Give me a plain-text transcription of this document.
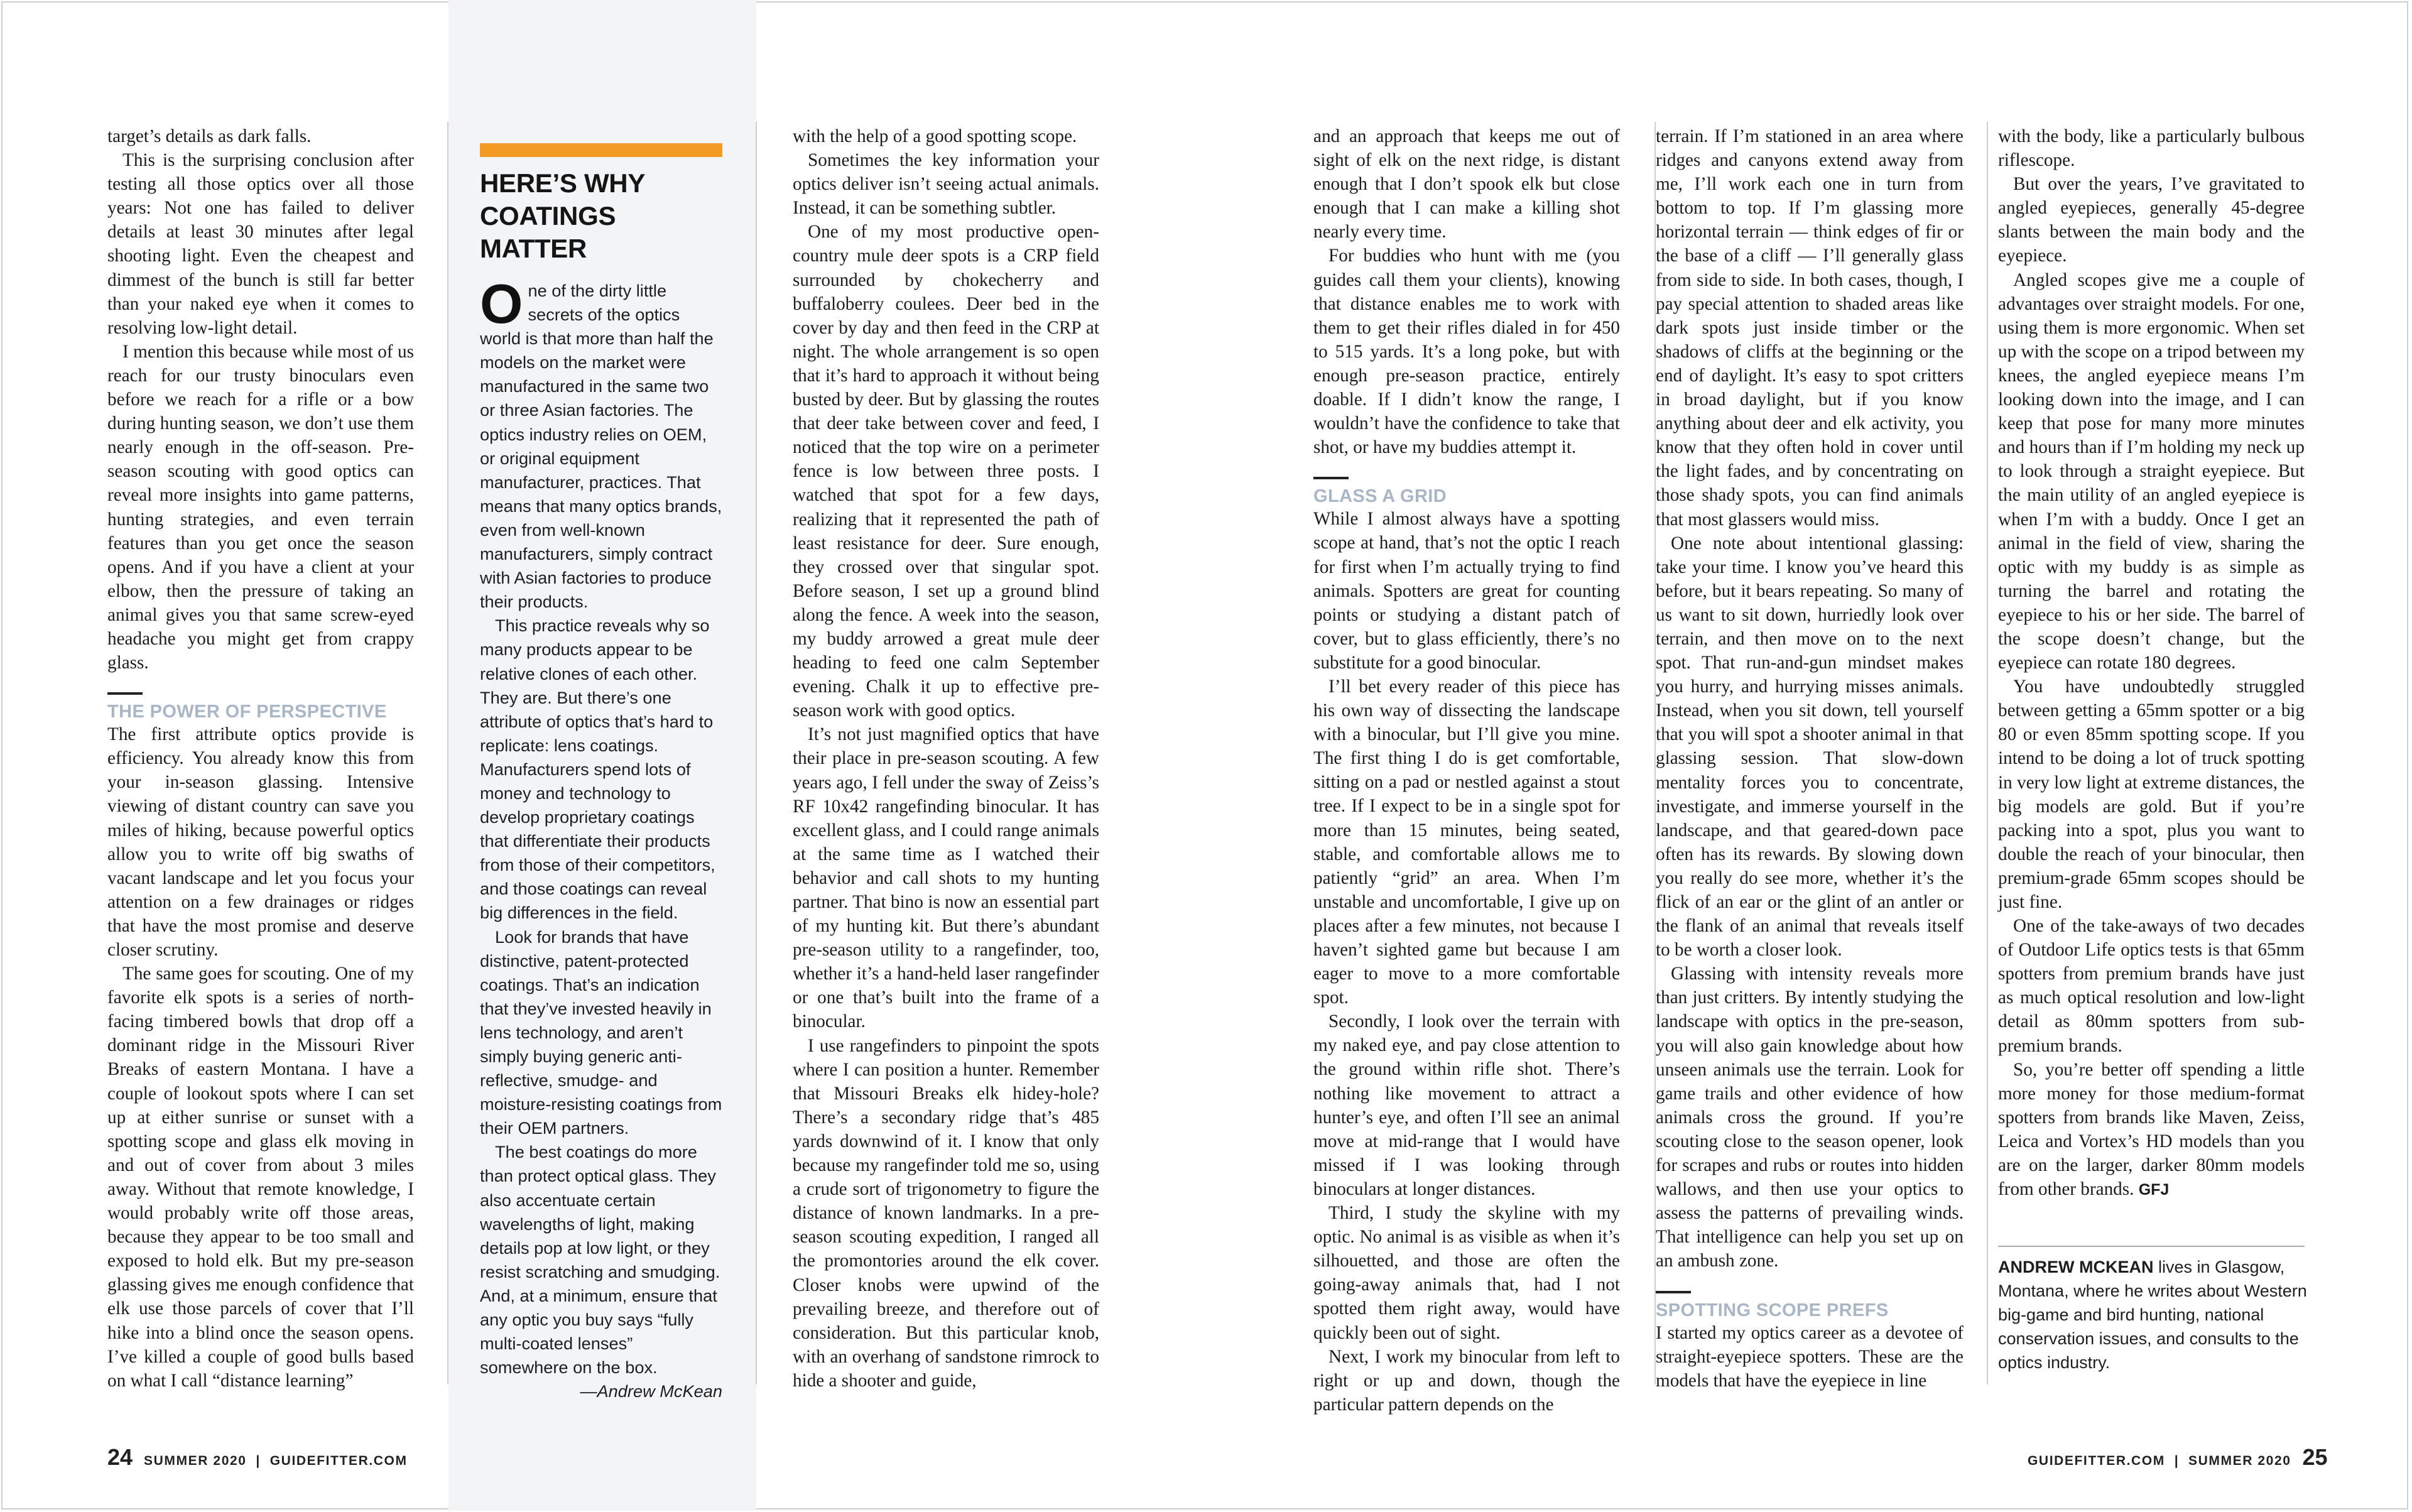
target’s details as dark falls.

This is the surprising conclusion after testing all those optics over all those years: Not one has failed to deliver details at least 30 minutes after legal shooting light. Even the cheapest and dimmest of the bunch is still far better than your naked eye when it comes to resolving low-light detail.

I mention this because while most of us reach for our trusty binoculars even before we reach for a rifle or a bow during hunting season, we don’t use them nearly enough in the off-season. Pre-season scouting with good optics can reveal more insights into game patterns, hunting strategies, and even terrain features than you get once the season opens. And if you have a client at your elbow, then the pressure of taking an animal gives you that same screw-eyed headache you might get from crappy glass.

THE POWER OF PERSPECTIVE

The first attribute optics provide is efficiency. You already know this from your in-season glassing. Intensive viewing of distant country can save you miles of hiking, because powerful optics allow you to write off big swaths of vacant landscape and let you focus your attention on a few drainages or ridges that have the most promise and deserve closer scrutiny.

The same goes for scouting. One of my favorite elk spots is a series of north-facing timbered bowls that drop off a dominant ridge in the Missouri River Breaks of eastern Montana. I have a couple of lookout spots where I can set up at either sunrise or sunset with a spotting scope and glass elk moving in and out of cover from about 3 miles away. Without that remote knowledge, I would probably write off those areas, because they appear to be too small and exposed to hold elk. But my pre-season glassing gives me enough confidence that elk use those parcels of cover that I’ll hike into a blind once the season opens. I’ve killed a couple of good bulls based on what I call “distance learning”

HERE’S WHY COATINGS MATTER

One of the dirty little secrets of the optics world is that more than half the models on the market were manufactured in the same two or three Asian factories. The optics industry relies on OEM, or original equipment manufacturer, practices. That means that many optics brands, even from well-known manufacturers, simply contract with Asian factories to produce their products.

This practice reveals why so many products appear to be relative clones of each other. They are. But there’s one attribute of optics that’s hard to replicate: lens coatings. Manufacturers spend lots of money and technology to develop proprietary coatings that differentiate their products from those of their competitors, and those coatings can reveal big differences in the field.

Look for brands that have distinctive, patent-protected coatings. That’s an indication that they’ve invested heavily in lens technology, and aren’t simply buying generic anti-reflective, smudge- and moisture-resisting coatings from their OEM partners.

The best coatings do more than protect optical glass. They also accentuate certain wavelengths of light, making details pop at low light, or they resist scratching and smudging. And, at a minimum, ensure that any optic you buy says “fully multi-coated lenses” somewhere on the box.

—Andrew McKean

with the help of a good spotting scope.

Sometimes the key information your optics deliver isn’t seeing actual animals. Instead, it can be something subtler.

One of my most productive open-country mule deer spots is a CRP field surrounded by chokecherry and buffaloberry coulees. Deer bed in the cover by day and then feed in the CRP at night. The whole arrangement is so open that it’s hard to approach it without being busted by deer. But by glassing the routes that deer take between cover and feed, I noticed that the top wire on a perimeter fence is low between three posts. I watched that spot for a few days, realizing that it represented the path of least resistance for deer. Sure enough, they crossed over that singular spot. Before season, I set up a ground blind along the fence. A week into the season, my buddy arrowed a great mule deer heading to feed one calm September evening. Chalk it up to effective pre-season work with good optics.

It’s not just magnified optics that have their place in pre-season scouting. A few years ago, I fell under the sway of Zeiss’s RF 10x42 rangefinding binocular. It has excellent glass, and I could range animals at the same time as I watched their behavior and call shots to my hunting partner. That bino is now an essential part of my hunting kit. But there’s abundant pre-season utility to a rangefinder, too, whether it’s a hand-held laser rangefinder or one that’s built into the frame of a binocular.

I use rangefinders to pinpoint the spots where I can position a hunter. Remember that Missouri Breaks elk hidey-hole? There’s a secondary ridge that’s 485 yards downwind of it. I know that only because my rangefinder told me so, using a crude sort of trigonometry to figure the distance of known landmarks. In a pre-season scouting expedition, I ranged all the promontories around the elk cover. Closer knobs were upwind of the prevailing breeze, and therefore out of consideration. But this particular knob, with an overhang of sandstone rimrock to hide a shooter and guide,

and an approach that keeps me out of sight of elk on the next ridge, is distant enough that I don’t spook elk but close enough that I can make a killing shot nearly every time.

For buddies who hunt with me (you guides call them your clients), knowing that distance enables me to work with them to get their rifles dialed in for 450 to 515 yards. It’s a long poke, but with enough pre-season practice, entirely doable. If I didn’t know the range, I wouldn’t have the confidence to take that shot, or have my buddies attempt it.

GLASS A GRID

While I almost always have a spotting scope at hand, that’s not the optic I reach for first when I’m actually trying to find animals. Spotters are great for counting points or studying a distant patch of cover, but to glass efficiently, there’s no substitute for a good binocular.

I’ll bet every reader of this piece has his own way of dissecting the landscape with a binocular, but I’ll give you mine. The first thing I do is get comfortable, sitting on a pad or nestled against a stout tree. If I expect to be in a single spot for more than 15 minutes, being seated, stable, and comfortable allows me to patiently “grid” an area. When I’m unstable and uncomfortable, I give up on places after a few minutes, not because I haven’t sighted game but because I am eager to move to a more comfortable spot.

Secondly, I look over the terrain with my naked eye, and pay close attention to the ground within rifle shot. There’s nothing like movement to attract a hunter’s eye, and often I’ll see an animal move at mid-range that I would have missed if I was looking through binoculars at longer distances.

Third, I study the skyline with my optic. No animal is as visible as when it’s silhouetted, and those are often the going-away animals that, had I not spotted them right away, would have quickly been out of sight.

Next, I work my binocular from left to right or up and down, though the particular pattern depends on the

terrain. If I’m stationed in an area where ridges and canyons extend away from me, I’ll work each one in turn from bottom to top. If I’m glassing more horizontal terrain — think edges of fir or the base of a cliff — I’ll generally glass from side to side. In both cases, though, I pay special attention to shaded areas like dark spots just inside timber or the shadows of cliffs at the beginning or the end of daylight. It’s easy to spot critters in broad daylight, but if you know anything about deer and elk activity, you know that they often hold in cover until the light fades, and by concentrating on those shady spots, you can find animals that most glassers would miss.

One note about intentional glassing: take your time. I know you’ve heard this before, but it bears repeating. So many of us want to sit down, hurriedly look over terrain, and then move on to the next spot. That run-and-gun mindset makes you hurry, and hurrying misses animals. Instead, when you sit down, tell yourself that you will spot a shooter animal in that glassing session. That slow-down mentality forces you to concentrate, investigate, and immerse yourself in the landscape, and that geared-down pace often has its rewards. By slowing down you really do see more, whether it’s the flick of an ear or the glint of an antler or the flank of an animal that reveals itself to be worth a closer look.

Glassing with intensity reveals more than just critters. By intently studying the landscape with optics in the pre-season, you will also gain knowledge about how unseen animals use the terrain. Look for game trails and other evidence of how animals cross the ground. If you’re scouting close to the season opener, look for scrapes and rubs or routes into hidden wallows, and then use your optics to assess the patterns of prevailing winds. That intelligence can help you set up on an ambush zone.

SPOTTING SCOPE PREFS

I started my optics career as a devotee of straight-eyepiece spotters. These are the models that have the eyepiece in line

with the body, like a particularly bulbous riflescope.

But over the years, I’ve gravitated to angled eyepieces, generally 45-degree slants between the main body and the eyepiece.

Angled scopes give me a couple of advantages over straight models. For one, using them is more ergonomic. When set up with the scope on a tripod between my knees, the angled eyepiece means I’m looking down into the image, and I can keep that pose for many more minutes and hours than if I’m holding my neck up to look through a straight eyepiece. But the main utility of an angled eyepiece is when I’m with a buddy. Once I get an animal in the field of view, sharing the optic with my buddy is as simple as turning the barrel and rotating the eyepiece to his or her side. The barrel of the scope doesn’t change, but the eyepiece can rotate 180 degrees.

You have undoubtedly struggled between getting a 65mm spotter or a big 80 or even 85mm spotting scope. If you intend to be doing a lot of truck spotting in very low light at extreme distances, the big models are gold. But if you’re packing into a spot, plus you want to double the reach of your binocular, then premium-grade 65mm scopes should be just fine.

One of the take-aways of two decades of Outdoor Life optics tests is that 65mm spotters from premium brands have just as much optical resolution and low-light detail as 80mm spotters from sub-premium brands.

So, you’re better off spending a little more money for those medium-format spotters from brands like Maven, Zeiss, Leica and Vortex’s HD models than you are on the larger, darker 80mm models from other brands. GFJ

ANDREW MCKEAN lives in Glasgow, Montana, where he writes about Western big-game and bird hunting, national conservation issues, and consults to the optics industry.
24 SUMMER 2020  |  GUIDEFITTER.COM	GUIDEFITTER.COM  |  SUMMER 2020 25
